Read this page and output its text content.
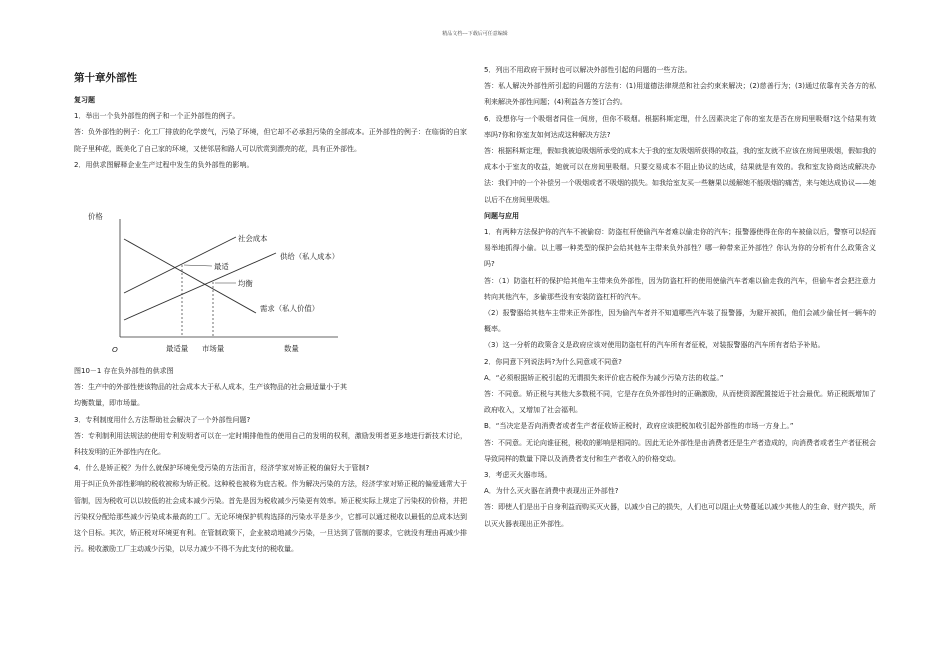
精品文档---下载后可任意编辑
第十章外部性

复习题

1．举出一个负外部性的例子和一个正外部性的例子。

答：负外部性的例子：化工厂排放的化学废气，污染了环境，但它却不必承担污染的全部成本。正外部性的例子：在临街的自家院子里种花，既美化了自己家的环境，又使邻居和路人可以欣赏到漂亮的花，具有正外部性。

2．用供求图解释企业生产过程中发生的负外部性的影响。

价格
数量
O
社会成本
供给（私人成本）
需求（私人价值）
最适
均衡
最适量 市场量

图10－1 存在负外部性的供求图

答：生产中的外部性使该物品的社会成本大于私人成本，生产该物品的社会最适量小于其

均衡数量，即市场量。

3．专利制度用什么方法帮助社会解决了一个外部性问题?

答：专利制利用法规法的使用专利发明者可以在一定时期排他性的使用自己的发明的权利，激励发明者更多地进行新技术讨论，科技发明的正外部性内在化。

4．什么是矫正税？为什么就保护环境免受污染的方法而言，经济学家对矫正税的偏好大于管制?

用于纠正负外部性影响的税收被称为矫正税。这种税也被称为庇古税。作为解决污染的方法，经济学家对矫正税的偏爱通常大于管制，因为税收可以以较低的社会成本减少污染。首先是因为税收减少污染更有效率。矫正税实际上规定了污染权的价格，并把污染权分配给那些减少污染成本最高的工厂。无论环境保护机构选择的污染水平是多少，它都可以通过税收以最低的总成本达到这个目标。其次，矫正税对环境更有利。在管制政策下，企业被动地减少污染，一旦达到了管制的要求，它就没有理由再减少排污。税收激励工厂主动减少污染，以尽力减少不得不为此支付的税收量。

5．列出不用政府干预时也可以解决外部性引起的问题的一些方法。

答：私人解决外部性所引起的问题的方法有：(1)用道德法律规范和社会约束来解决；(2)慈善行为；(3)通过依靠有关各方的私利来解决外部性问题；(4)利益各方签订合约。

6．设想你与一个吸烟者同住一间房，但你不吸烟。根据科斯定理，什么因素决定了你的室友是否在房间里吸烟?这个结果有效率吗?你和你室友如何达成这种解决方法?

答：根据科斯定理，假如我被迫吸烟所承受的成本大于我的室友吸烟所获得的收益，我的室友就不应该在房间里吸烟，假如我的成本小于室友的收益，她就可以在房间里吸烟。只要交易成本不阻止协议的达成，结果就是有效的。我和室友协商达成解决办法：我们中的一个补偿另一个吸烟或者不吸烟的损失。如我给室友买一些糖果以缓解她不能吸烟的痛苦，来与她达成协议——她以后不在房间里吸烟。

问题与应用

1．有两种方法保护你的汽车不被偷窃：防盗杠杆使偷汽车者难以偷走你的汽车；报警器使得在你的车被偷以后，警察可以轻而易举地抓得小偷。以上哪一种类型的保护会给其他车主带来负外部性？哪一种带来正外部性？你认为你的分析有什么政策含义吗?

答：（1）防盗杠杆的保护给其他车主带来负外部性，因为防盗杠杆的使用使偷汽车者难以偷走我的汽车，但偷车者会把注意力转向其他汽车，多偷那些没有安装防盗杠杆的汽车。

（2）报警器给其他车主带来正外部性，因为偷汽车者并不知道哪些汽车装了报警器，为避开被抓，他们会减少偷任何一辆车的概率。

（3）这一分析的政策含义是政府应该对使用防盗杠杆的汽车所有者征税，对装报警器的汽车所有者给予补贴。

2．你同意下列说法吗?为什么同意或不同意?

A．“必须根据矫正税引起的无谓损失来评价庇古税作为减少污染方法的收益。”

答：不同意。矫正税与其他大多数税不同，它是存在负外部性时的正确激励，从而使资源配置接近于社会最优。矫正税既增加了政府收入，又增加了社会福利。

B．“当决定是否向消费者或者生产者征收矫正税时，政府应该把税加收引起外部性的市场一方身上。”

答：不同意。无论向谁征税，税收的影响是相同的。因此无论外部性是由消费者还是生产者造成的，向消费者或者生产者征税会导致同样的数量下降以及消费者支付和生产者收入的价格变动。

3．考虑灭火器市场。

A．为什么灭火器在消费中表现出正外部性?

答：即使人们是出于自身利益而购买灭火器，以减少自己的损失，人们也可以阻止火势蔓延以减少其他人的生命、财产损失，所以灭火器表现出正外部性。
